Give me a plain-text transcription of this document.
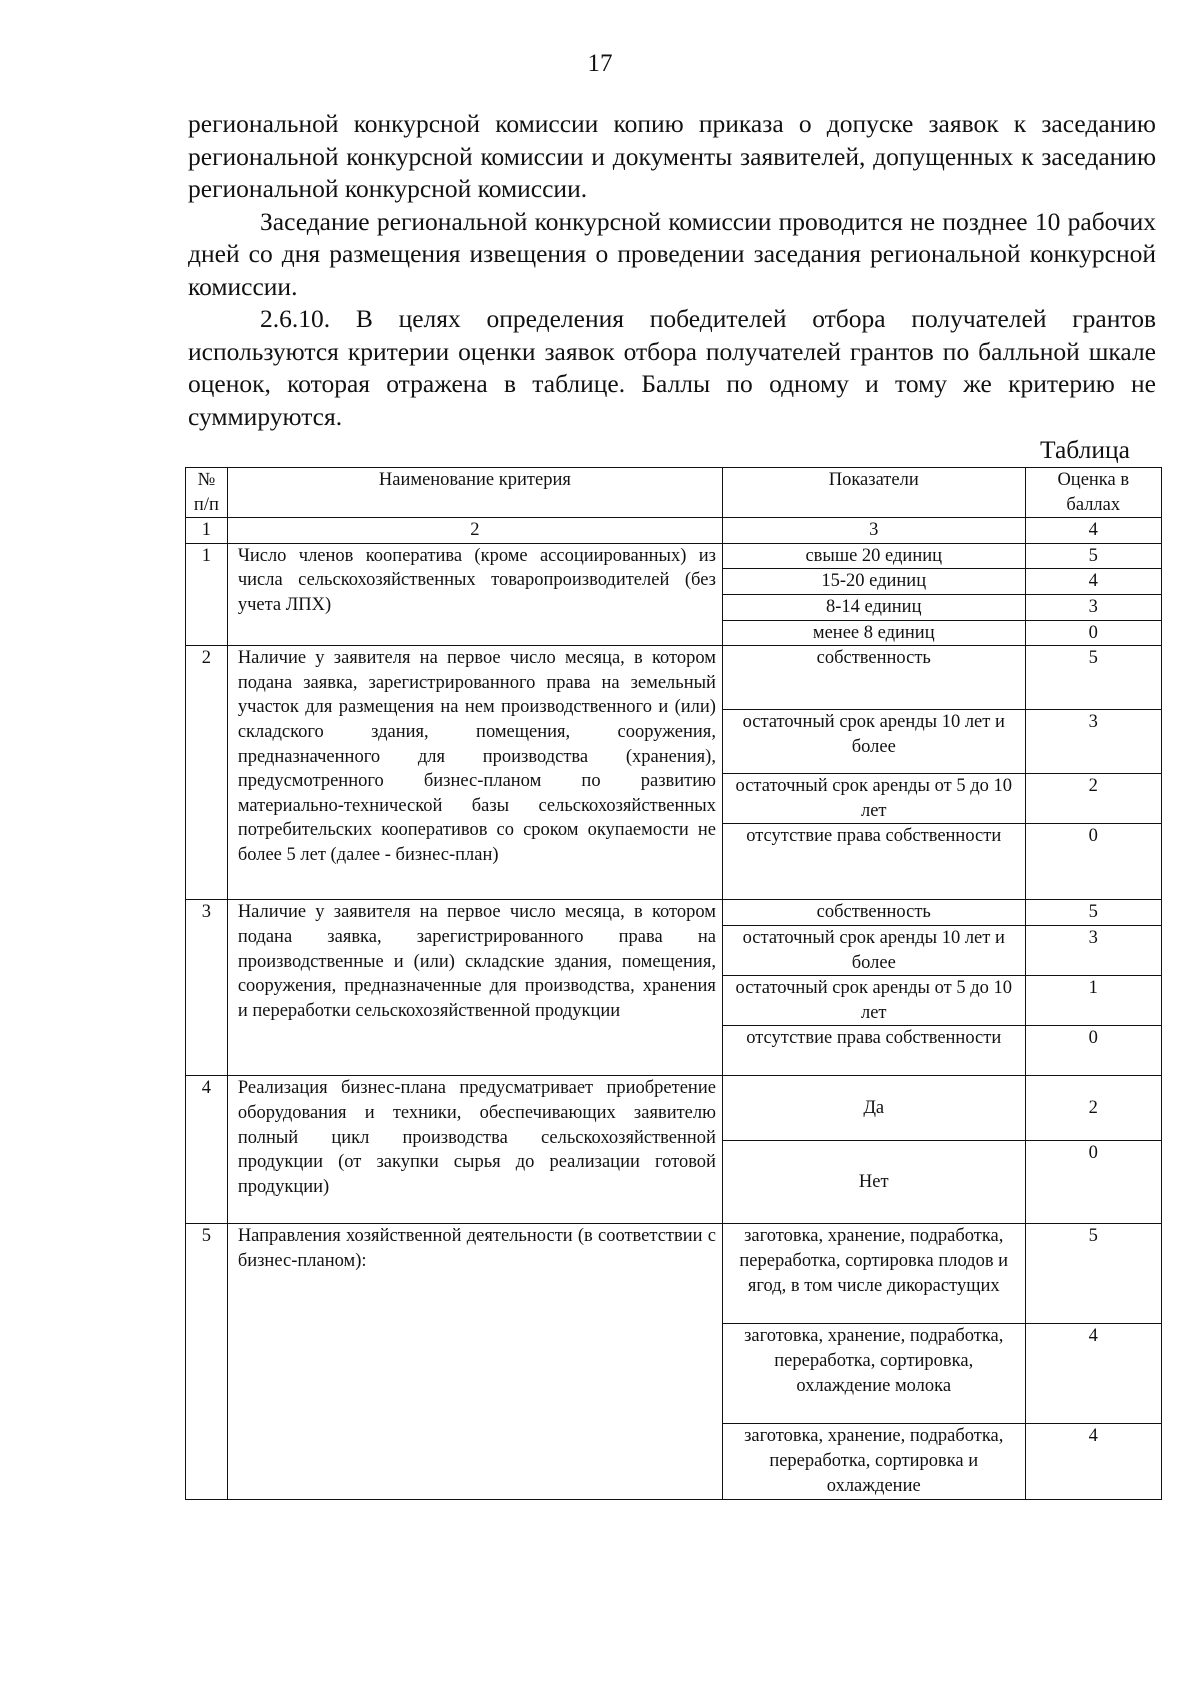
17

региональной конкурсной комиссии копию приказа о допуске заявок к заседанию региональной конкурсной комиссии и документы заявителей, допущенных к заседанию региональной конкурсной комиссии.

Заседание региональной конкурсной комиссии проводится не позднее 10 рабочих дней со дня размещения извещения о проведении заседания региональной конкурсной комиссии.

2.6.10. В целях определения победителей отбора получателей грантов используются критерии оценки заявок отбора получателей грантов по балльной шкале оценок, которая отражена в таблице. Баллы по одному и тому же критерию не суммируются.

Таблица
№ п/п	Наименование критерия	Показатели	Оценка в баллах
1	2	3	4
1	Число членов кооператива (кроме ассоциированных) из числа сельскохозяйственных товаропроизводителей (без учета ЛПХ)	свыше 20 единиц	5
		15-20 единиц	4
		8-14 единиц	3
		менее 8 единиц	0
2	Наличие у заявителя на первое число месяца, в котором подана заявка, зарегистрированного права на земельный участок для размещения на нем производственного и (или) складского здания, помещения, сооружения, предназначенного для производства (хранения), предусмотренного бизнес-планом по развитию материально-технической базы сельскохозяйственных потребительских кооперативов со сроком окупаемости не более 5 лет (далее - бизнес-план)	собственность	5
		остаточный срок аренды 10 лет и более	3
		остаточный срок аренды от 5 до 10 лет	2
		отсутствие права собственности	0
3	Наличие у заявителя на первое число месяца, в котором подана заявка, зарегистрированного права на производственные и (или) складские здания, помещения, сооружения, предназначенные для производства, хранения и переработки сельскохозяйственной продукции	собственность	5
		остаточный срок аренды 10 лет и более	3
		остаточный срок аренды от 5 до 10 лет	1
		отсутствие права собственности	0
4	Реализация бизнес-плана предусматривает приобретение оборудования и техники, обеспечивающих заявителю полный цикл производства сельскохозяйственной продукции (от закупки сырья до реализации готовой продукции)	Да	2
		Нет	0
5	Направления хозяйственной деятельности (в соответствии с бизнес-планом):	заготовка, хранение, подработка, переработка, сортировка плодов и ягод, в том числе дикорастущих	5
		заготовка, хранение, подработка, переработка, сортировка, охлаждение молока	4
		заготовка, хранение, подработка, переработка, сортировка и охлаждение	4
